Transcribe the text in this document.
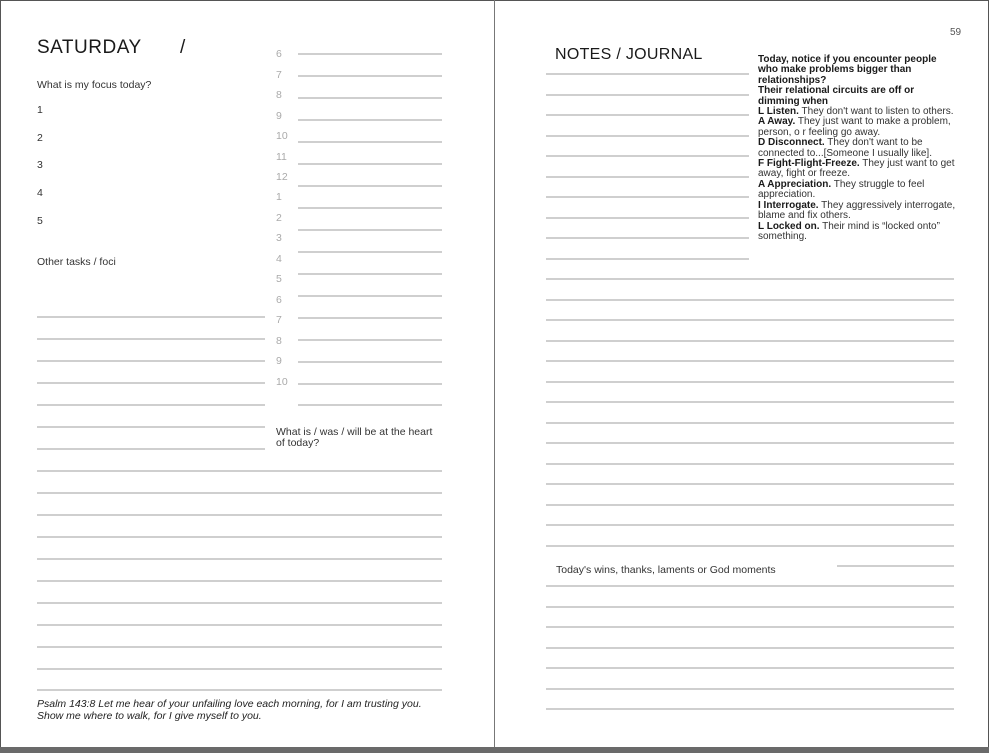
SATURDAY /
What is my focus today?
1
2
3
4
5
Other tasks / foci
6
7
8
9
10
11
12
1
2
3
4
5
6
7
8
9
10
What is / was / will be at the heart of today?
Psalm 143:8 Let me hear of your unfailing love each morning, for I am trusting you. Show me where to walk, for I give myself to you.
59
NOTES / JOURNAL	Today, notice if you encounter people who make problems bigger than relationships?
Their relational circuits are off or dimming when
L Listen. They don't want to listen to others.
A Away. They just want to make a problem, person, o r feeling go away.
D Disconnect. They don't want to be connected to...[Someone I usually like].
F Fight-Flight-Freeze. They just want to get away, fight or freeze.
A Appreciation. They struggle to feel appreciation.
I Interrogate. They aggressively interrogate, blame and fix others.
L Locked on. Their mind is “locked onto” something.
Today's wins, thanks, laments or God moments
